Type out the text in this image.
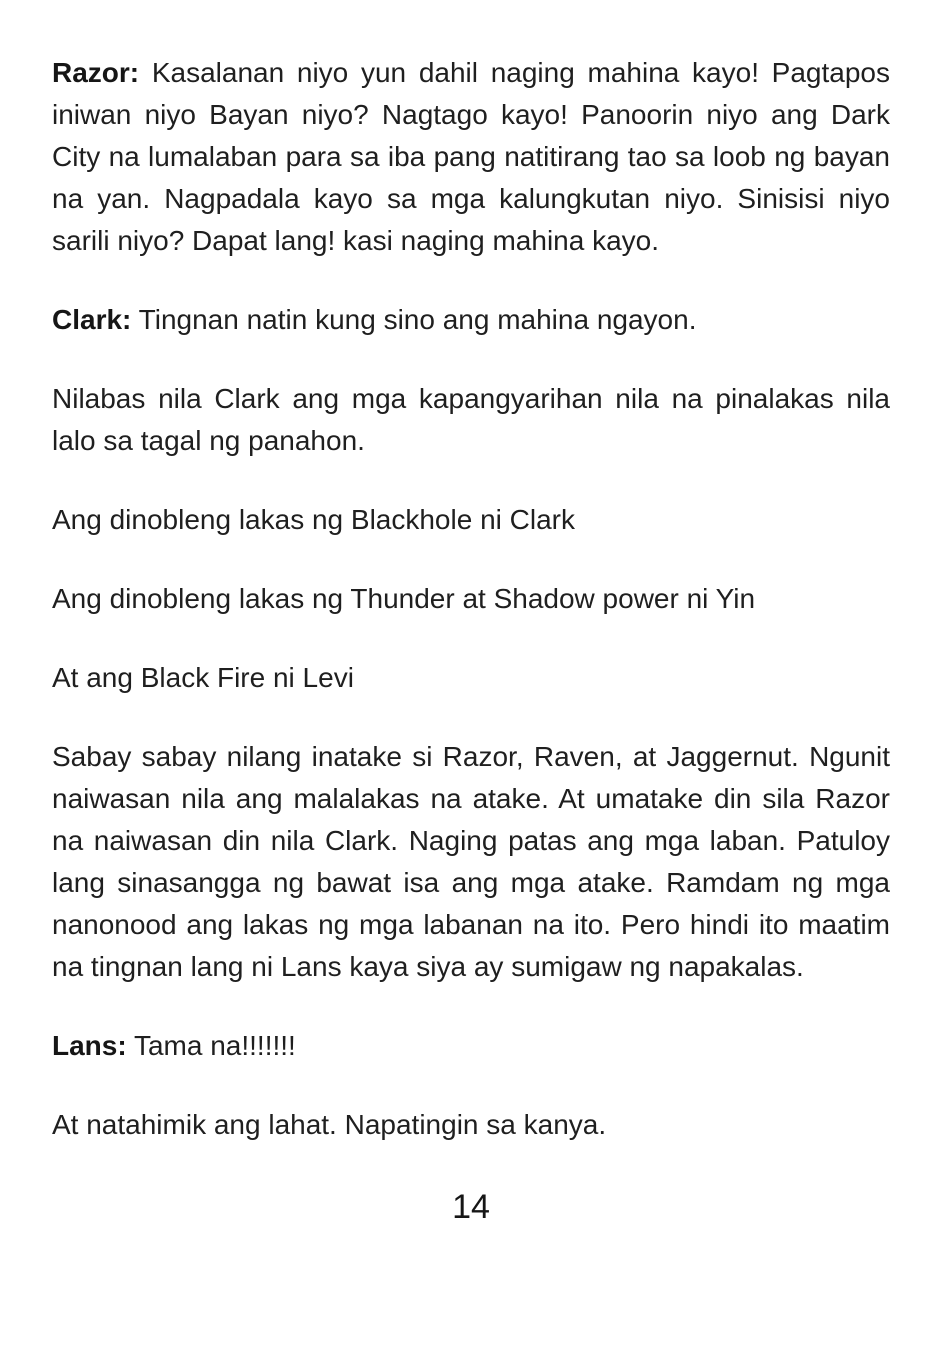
Razor: Kasalanan niyo yun dahil naging mahina kayo! Pagtapos iniwan niyo Bayan niyo? Nagtago kayo! Panoorin niyo ang Dark City na lumalaban para sa iba pang natitirang tao sa loob ng bayan na yan. Nagpadala kayo sa mga kalungkutan niyo. Sinisisi niyo sarili niyo? Dapat lang! kasi naging mahina kayo.

Clark: Tingnan natin kung sino ang mahina ngayon.

Nilabas nila Clark ang mga kapangyarihan nila na pinalakas nila lalo sa tagal ng panahon.

Ang dinobleng lakas ng Blackhole ni Clark

Ang dinobleng lakas ng Thunder at Shadow power ni Yin

At ang Black Fire ni Levi

Sabay sabay nilang inatake si Razor, Raven, at Jaggernut. Ngunit naiwasan nila ang malalakas na atake. At umatake din sila Razor na naiwasan din nila Clark. Naging patas ang mga laban. Patuloy lang sinasangga ng bawat isa ang mga atake. Ramdam ng mga nanonood ang lakas ng mga labanan na ito. Pero hindi ito maatim na tingnan lang ni Lans kaya siya ay sumigaw ng napakalas.

Lans: Tama na!!!!!!!

At natahimik ang lahat. Napatingin sa kanya.

14
